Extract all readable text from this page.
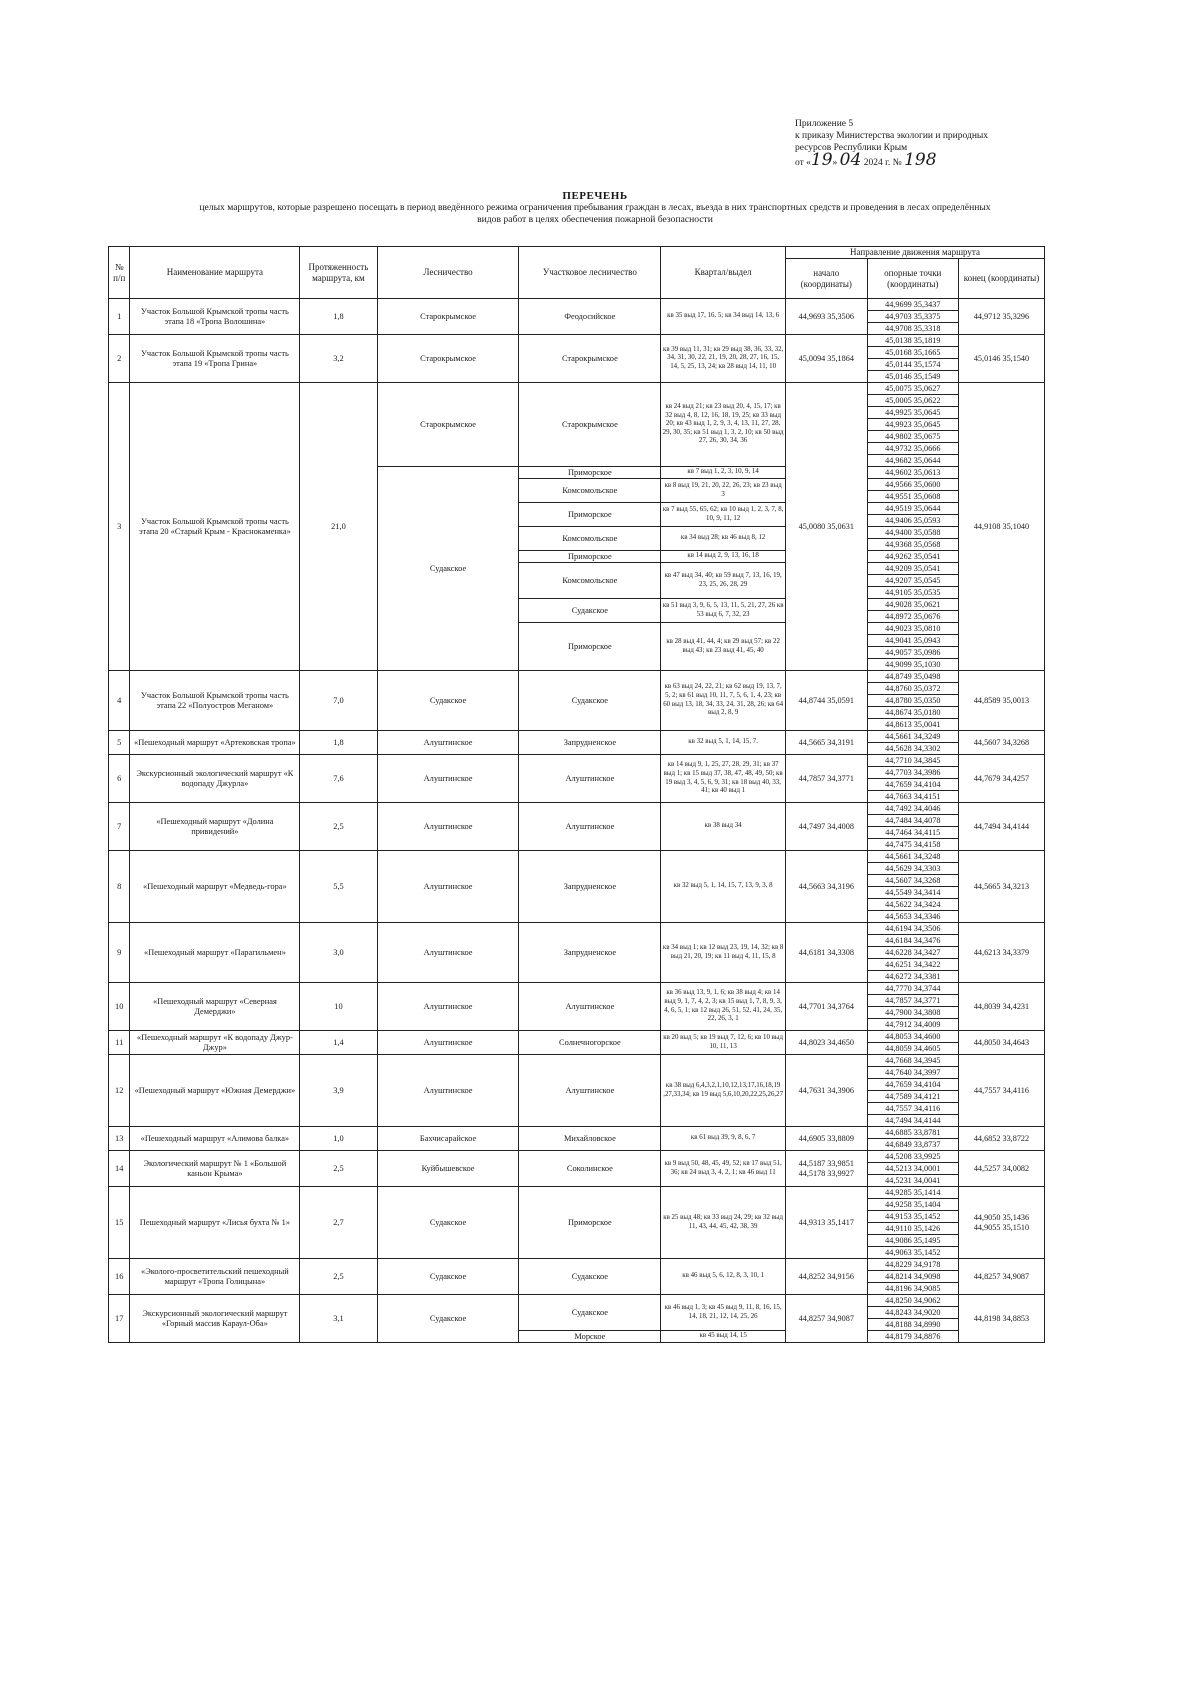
Приложение 5
к приказу Министерства экологии и природных
ресурсов Республики Крым
от «19» 04 2024 г. № 198
ПЕРЕЧЕНЬ
целых маршрутов, которые разрешено посещать в период введённого режима ограничения пребывания граждан в лесах, въезда в них транспортных средств и проведения в лесах определённых
видов работ в целях обеспечения пожарной безопасности
№ п/п	Наименование маршрута	Протяженность маршрута, км	Лесничество	Участковое лесничество	Квартал/выдел	Направление движения маршрута		
						начало (координаты)	опорные точки (координаты)	конец (координаты)
1	Участок Большой Крымской тропы часть этапа 18 «Тропа Волошина»	1,8	Старокрымское	Феодосийское	кв 35 выд 17, 16, 5; кв 34 выд 14, 13, 6	44,9693 35,3506	44,9699 35,3437	44,9712 35,3296
							44,9703 35,3375	
							44,9708 35,3318	
2	Участок Большой Крымской тропы часть этапа 19 «Тропа Грина»	3,2	Старокрымское	Старокрымское	кв 39 выд 11, 31; кв 29 выд 38, 36, 33, 32, 34, 31, 30, 22, 21, 19, 20, 28, 27, 16, 15, 14, 5, 25, 13, 24; кв 28 выд 14, 11, 10	45,0094 35,1864	45,0138 35,1819	45,0146 35,1540
							45,0168 35,1665	
							45,0144 35,1574	
							45,0146 35,1549	
3	Участок Большой Крымской тропы часть этапа 20 «Старый Крым - Краснокаменка»	21,0	Старокрымское	Старокрымское	кв 24 выд 21; кв 23 выд 20, 4, 15, 17; кв 32 выд 4, 8, 12, 16, 18, 19, 25; кв 33 выд 20; кв 43 выд 1, 2, 9, 3, 4, 13, 11, 27, 28, 29, 30, 35; кв 51 выд 1, 3, 2, 10; кв 50 выд 27, 26, 30, 34, 36	45,0080 35,0631	45,0075 35,0627	44,9108 35,1040
							45,0005 35,0622	
							44,9925 35,0645	
							44,9923 35,0645	
							44,9802 35,0675	
							44,9732 35,0666	
							44,9682 35,0644	
			Судакское	Приморское	кв 7 выд 1, 2, 3, 10, 9, 14		44,9602 35,0613	
				Комсомольское	кв 8 выд 19, 21, 20, 22, 26, 23; кв 23 выд 3		44,9566 35,0600	
							44,9551 35,0608	
				Приморское	кв 7 выд 55, 65, 62; кв 10 выд 1, 2, 3, 7, 8, 10, 9, 11, 12		44,9519 35,0644	
							44,9406 35,0593	
				Комсомольское	кв 34 выд 28; кв 46 выд 8, 12		44,9400 35,0588	
							44,9368 35,0568	
				Приморское	кв 14 выд 2, 9, 13, 16, 18		44,9262 35,0541	
				Комсомольское	кв 47 выд 34, 40; кв 59 выд 7, 13, 16, 19, 23, 25, 26, 28, 29		44,9209 35,0541	
							44,9207 35,0545	
							44,9105 35,0535	
				Судакское	кв 51 выд 3, 9, 6, 5, 13, 11, 5, 21, 27, 26 кв 53 выд 6, 7, 32, 23		44,9028 35,0621	
							44,8972 35,0676	
				Приморское	кв 28 выд 41, 44, 4; кв 29 выд 57; кв 22 выд 43; кв 23 выд 41, 45, 40		44,9023 35,0810	
							44,9041 35,0943	
							44,9057 35,0986	
							44,9099 35,1030	
4	Участок Большой Крымской тропы часть этапа 22 «Полуостров Меганом»	7,0	Судакское	Судакское	кв 63 выд 24, 22, 21; кв 62 выд 19, 13, 7, 5, 2; кв 61 выд 10, 11, 7, 5, 6, 1, 4, 23; кв 60 выд 13, 18, 34, 33, 24, 31, 28, 26; кв 64 выд 2, 8, 9	44,8744 35,0591	44,8749 35,0498	44,8589 35,0013
							44,8760 35,0372	
							44,8780 35,0350	
							44,8674 35,0180	
							44,8613 35,0041	
5	«Пешеходный маршрут «Артековская тропа»	1,8	Алуштинское	Запрудненское	кв 32 выд 5, 1, 14, 15, 7.	44,5665 34,3191	44,5661 34,3249	44,5607 34,3268
							44,5628 34,3302	
6	Экскурсионный экологический маршрут «К водопаду Джурла»	7,6	Алуштинское	Алуштинское	кв 14 выд 9, 1, 25, 27, 28, 29, 31; кв 37 выд 1; кв 15 выд 37, 38, 47, 48, 49, 50; кв 19 выд 3, 4, 5, 6, 9, 31; кв 18 выд 40, 33, 41; кв 40 выд 1	44,7857 34,3771	44,7710 34,3845	44,7679 34,4257
							44,7703 34,3986	
							44,7659 34,4104	
							44,7663 34,4151	
7	«Пешеходный маршрут «Долина привидений»	2,5	Алуштинское	Алуштинское	кв 38 выд 34	44,7497 34,4008	44,7492 34,4046	44,7494 34,4144
							44,7484 34,4078	
							44,7464 34,4115	
							44,7475 34,4158	
8	«Пешеходный маршрут «Медведь-гора»	5,5	Алуштинское	Запрудненское	кв 32 выд 5, 1, 14, 15, 7, 13, 9, 3, 8	44,5663 34,3196	44,5661 34,3248	44,5665 34,3213
							44,5629 34,3303	
							44,5607 34,3268	
							44,5549 34,3414	
							44,5622 34,3424	
							44,5653 34,3346	
9	«Пешеходный маршрут «Парагильмен»	3,0	Алуштинское	Запрудненское	кв 34 выд 1; кв 12 выд 23, 19, 14, 32; кв 8 выд 21, 20, 19; кв 11 выд 4, 11, 15, 8	44,6181 34,3308	44,6194 34,3506	44,6213 34,3379
							44,6184 34,3476	
							44,6228 34,3427	
							44,6251 34,3422	
							44,6272 34,3381	
10	«Пешеходный маршрут «Северная Демерджи»	10	Алуштинское	Алуштинское	кв 36 выд 13, 9, 1, 6; кв 38 выд 4; кв 14 выд 9, 1, 7, 4, 2, 3; кв 15 выд 1, 7, 8, 9, 3, 4, 6, 5, 1; кв 12 выд 26, 51, 52, 41, 24, 35, 22, 26, 3, 1	44,7701 34,3764	44,7770 34,3744	44,8039 34,4231
							44,7857 34,3771	
							44,7900 34,3808	
							44,7912 34,4009	
11	«Пешеходный маршрут «К водопаду Джур-Джур»	1,4	Алуштинское	Солнечногорское	кв 20 выд 5; кв 19 выд 7, 12, 6; кв 10 выд 10, 11, 13	44,8023 34,4650	44,8053 34,4600	44,8050 34,4643
							44,8059 34,4605	
12	«Пешеходный маршрут «Южная Демерджи»	3,9	Алуштинское	Алуштинское	кв 38 выд 6,4,3,2,1,10,12,13,17,16,18,19 ,27,33,34; кв 19 выд 5,6,10,20,22,25,26,27	44,7631 34,3906	44,7668 34,3945	44,7557 34,4116
							44,7640 34,3997	
							44,7659 34,4104	
							44,7589 34,4121	
							44,7557 34,4116	
							44,7494 34,4144	
13	«Пешеходный маршрут «Алимова балка»	1,0	Бахчисарайское	Михайловское	кв 61 выд 39, 9, 8, 6, 7	44,6905 33,8809	44,6885 33,8781	44,6852 33,8722
							44,6849 33,8737	
14	Экологический маршрут № 1 «Большой каньон Крыма»	2,5	Куйбышевское	Соколинское	кв 9 выд 50, 48, 45, 49, 52; кв 17 выд 51, 36; кв 24 выд 3, 4, 2, 1; кв 46 выд 11	44,5187 33,9851 44,5178 33,9927	44,5208 33,9925	44,5257 34,0082
							44,5213 34,0001	
							44,5231 34,0041	
15	Пешеходный маршрут «Лисья бухта № 1»	2,7	Судакское	Приморское	кв 25 выд 48; кв 33 выд 24, 29; кв 32 выд 11, 43, 44, 45, 42, 38, 39	44,9313 35,1417	44,9285 35,1414	44,9050 35,1436 44,9055 35,1510
							44,9258 35,1404	
							44,9153 35,1452	
							44,9110 35,1426	
							44,9086 35,1495	
							44,9063 35,1452	
16	«Эколого-просветительский пешеходный маршрут «Тропа Голицына»	2,5	Судакское	Судакское	кв 46 выд 5, 6, 12, 8, 3, 10, 1	44,8252 34,9156	44,8229 34,9178	44,8257 34,9087
							44,8214 34,9098	
							44,8196 34,9085	
17	Экскурсионный экологический маршрут «Горный массив Караул-Оба»	3,1	Судакское	Судакское	кв 46 выд 1, 3; кв 45 выд 9, 11, 8, 16, 15, 14, 18, 21, 12, 14, 25, 26	44,8257 34,9087	44,8250 34,9062	44,8198 34,8853
							44,8243 34,9020	
							44,8188 34,8990	
				Морское	кв 45 выд 14, 15		44,8179 34,8876	
